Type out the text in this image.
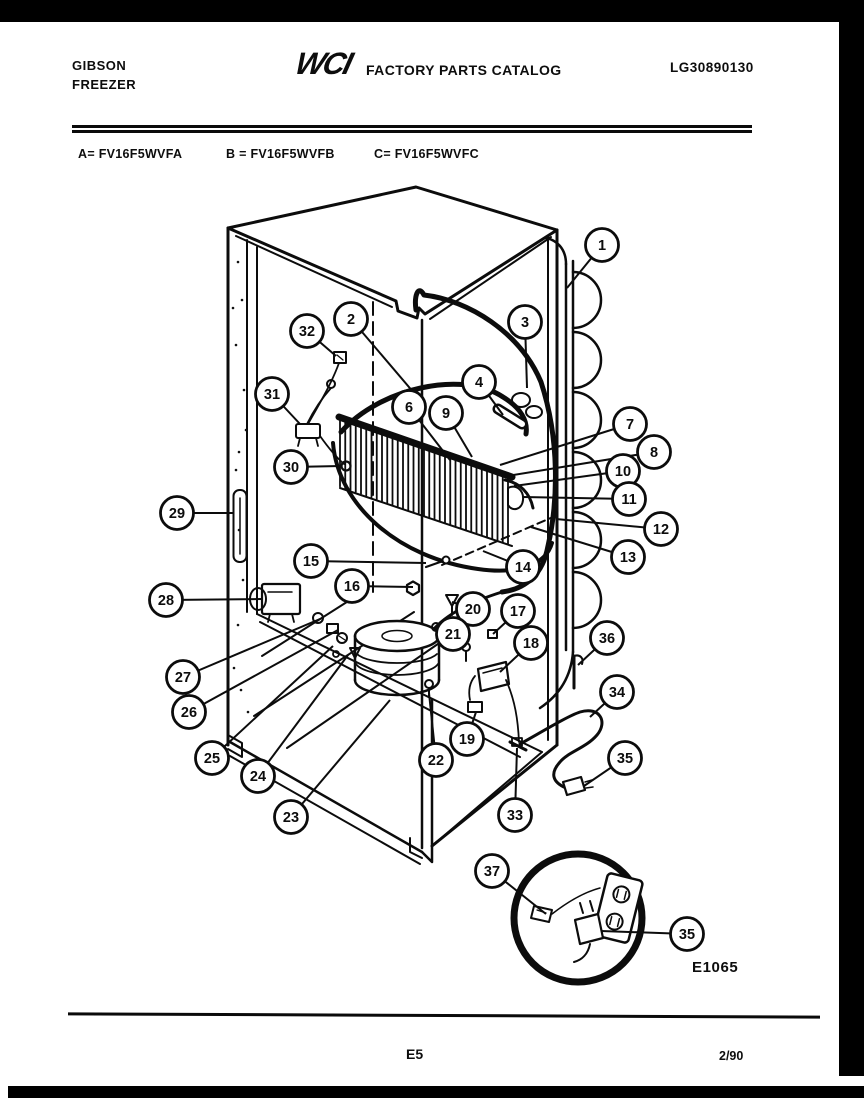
GIBSON
FREEZER
WCI FACTORY PARTS CATALOG	LG30890130
A= FV16F5WVFA	B = FV16F5WVFB	C= FV16F5WVFC
1
2	3
4
6
7
8
9
10
11
12
13
14
15
16
17
18
19
20
21
22
23
24
25
26
27
28
29
30
31
32
33
34
35
36
37
35
E1065
E5	2/90
